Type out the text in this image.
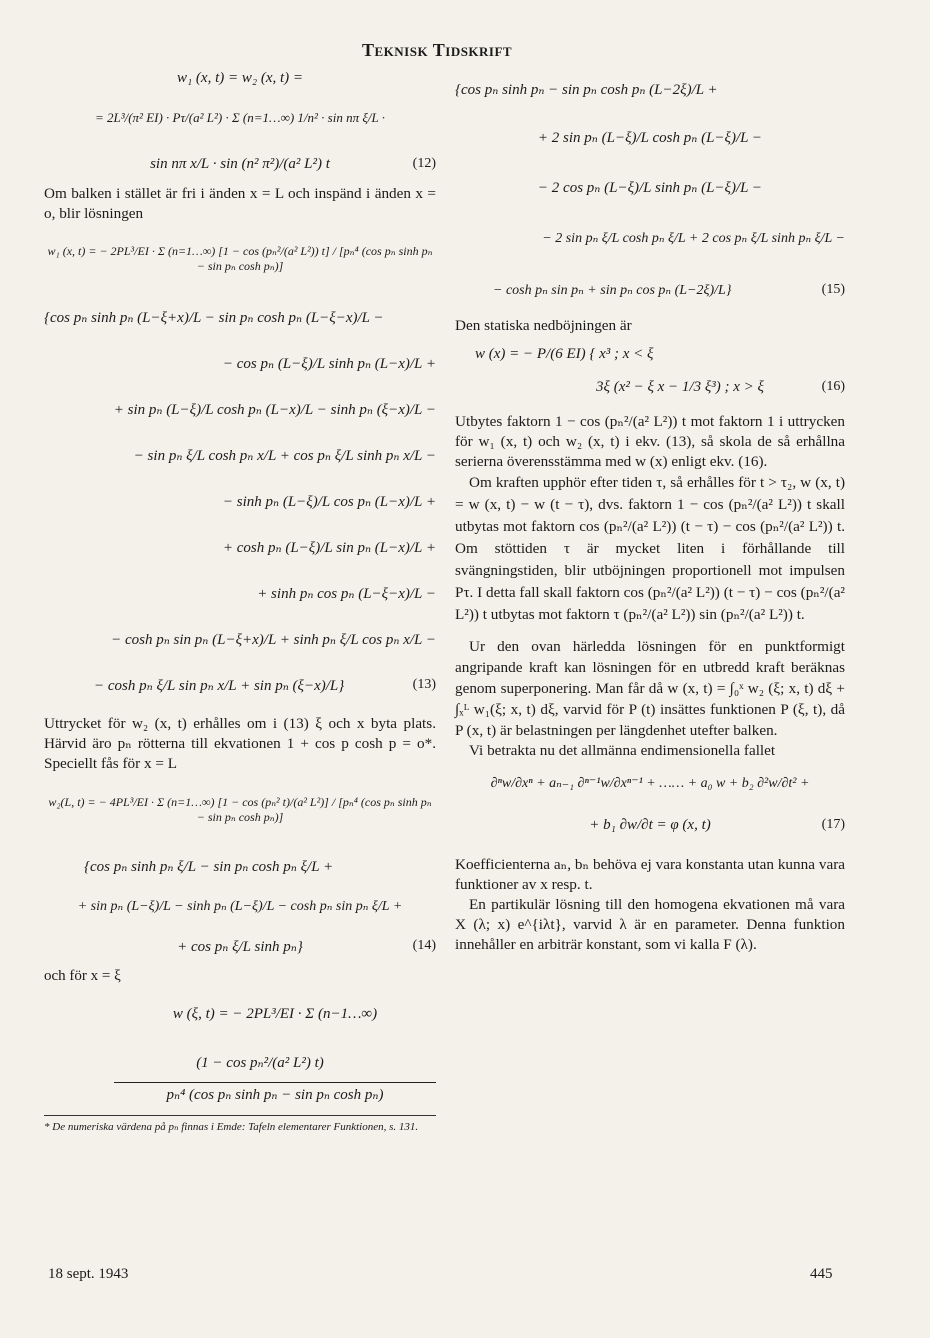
Teknisk Tidskrift
w₁ (x, t) = w₂ (x, t) =
= 2L³/(π² EI) · Pτ/(a² L²) · Σ (n=1…∞) 1/n² · sin nπ ξ/L ·
sin nπ x/L · sin (n² π²)/(a² L²) t	(12)

Om balken i stället är fri i änden x = L och inspänd i änden x = o, blir lösningen

w₁ (x, t) = − 2PL³/EI · Σ (n=1…∞) [1 − cos (pₙ²/(a² L²)) t] / [pₙ⁴ (cos pₙ sinh pₙ − sin pₙ cosh pₙ)]
{cos pₙ sinh pₙ (L−ξ+x)/L − sin pₙ cosh pₙ (L−ξ−x)/L −
− cos pₙ (L−ξ)/L sinh pₙ (L−x)/L +
+ sin pₙ (L−ξ)/L cosh pₙ (L−x)/L − sinh pₙ (ξ−x)/L −
− sin pₙ ξ/L cosh pₙ x/L + cos pₙ ξ/L sinh pₙ x/L −
− sinh pₙ (L−ξ)/L cos pₙ (L−x)/L +
+ cosh pₙ (L−ξ)/L sin pₙ (L−x)/L +
+ sinh pₙ cos pₙ (L−ξ−x)/L −
− cosh pₙ sin pₙ (L−ξ+x)/L + sinh pₙ ξ/L cos pₙ x/L −
− cosh pₙ ξ/L sin pₙ x/L + sin pₙ (ξ−x)/L}	(13)

Uttrycket för w₂ (x, t) erhålles om i (13) ξ och x byta plats. Härvid äro pₙ rötterna till ekvationen 1 + cos p cosh p = o*. Speciellt fås för x = L

w₂(L, t) = − 4PL³/EI · Σ (n=1…∞) [1 − cos (pₙ² t)/(a² L²)] / [pₙ⁴ (cos pₙ sinh pₙ − sin pₙ cosh pₙ)]
{cos pₙ sinh pₙ ξ/L − sin pₙ cosh pₙ ξ/L +
+ sin pₙ (L−ξ)/L − sinh pₙ (L−ξ)/L − cosh pₙ sin pₙ ξ/L +
+ cos pₙ ξ/L sinh pₙ}	(14)
och för x = ξ
w (ξ, t) = − 2PL³/EI · Σ (n−1…∞)
(1 − cos pₙ²/(a² L²) t)
pₙ⁴ (cos pₙ sinh pₙ − sin pₙ cosh pₙ)
* De numeriska värdena på pₙ finnas i Emde: Tafeln elementarer Funktionen, s. 131.
{cos pₙ sinh pₙ − sin pₙ cosh pₙ (L−2ξ)/L +
+ 2 sin pₙ (L−ξ)/L cosh pₙ (L−ξ)/L −
− 2 cos pₙ (L−ξ)/L sinh pₙ (L−ξ)/L −
− 2 sin pₙ ξ/L cosh pₙ ξ/L + 2 cos pₙ ξ/L sinh pₙ ξ/L −
− cosh pₙ sin pₙ + sin pₙ cos pₙ (L−2ξ)/L}	(15)

Den statiska nedböjningen är

w (x) = − P/(6 EI) { x³ ; x < ξ
3ξ (x² − ξ x − 1/3 ξ³) ; x > ξ	(16)

Utbytes faktorn 1 − cos (pₙ²/(a² L²)) t mot faktorn 1 i uttrycken för w₁ (x, t) och w₂ (x, t) i ekv. (13), så skola de så erhållna serierna överensstämma med w (x) enligt ekv. (16).

Om kraften upphör efter tiden τ, så erhålles för t > τ₂, w (x, t) = w (x, t) − w (t − τ), dvs. faktorn 1 − cos (pₙ²/(a² L²)) t skall utbytas mot faktorn cos (pₙ²/(a² L²)) (t − τ) − cos (pₙ²/(a² L²)) t. Om stöttiden τ är mycket liten i förhållande till svängningstiden, blir utböjningen proportionell mot impulsen Pτ. I detta fall skall faktorn cos (pₙ²/(a² L²)) (t − τ) − cos (pₙ²/(a² L²)) t utbytas mot faktorn τ (pₙ²/(a² L²)) sin (pₙ²/(a² L²)) t.

Ur den ovan härledda lösningen för en punktformigt angripande kraft kan lösningen för en utbredd kraft beräknas genom superponering. Man får då w (x, t) = ∫₀ˣ w₂ (ξ; x, t) dξ + ∫ₓᴸ w₁(ξ; x, t) dξ, varvid för P (t) insättes funktionen P (ξ, t), då P (x, t) är belastningen per längdenhet utefter balken.

Vi betrakta nu det allmänna endimensionella fallet

∂ⁿw/∂xⁿ + aₙ₋₁ ∂ⁿ⁻¹w/∂xⁿ⁻¹ + …… + a₀ w + b₂ ∂²w/∂t² +
+ b₁ ∂w/∂t = φ (x, t)	(17)

Koefficienterna aₙ, bₙ behöva ej vara konstanta utan kunna vara funktioner av x resp. t.

En partikulär lösning till den homogena ekvationen må vara X (λ; x) e^{iλt}, varvid λ är en parameter. Denna funktion innehåller en arbiträr konstant, som vi kalla F (λ).

18 sept. 1943	445
